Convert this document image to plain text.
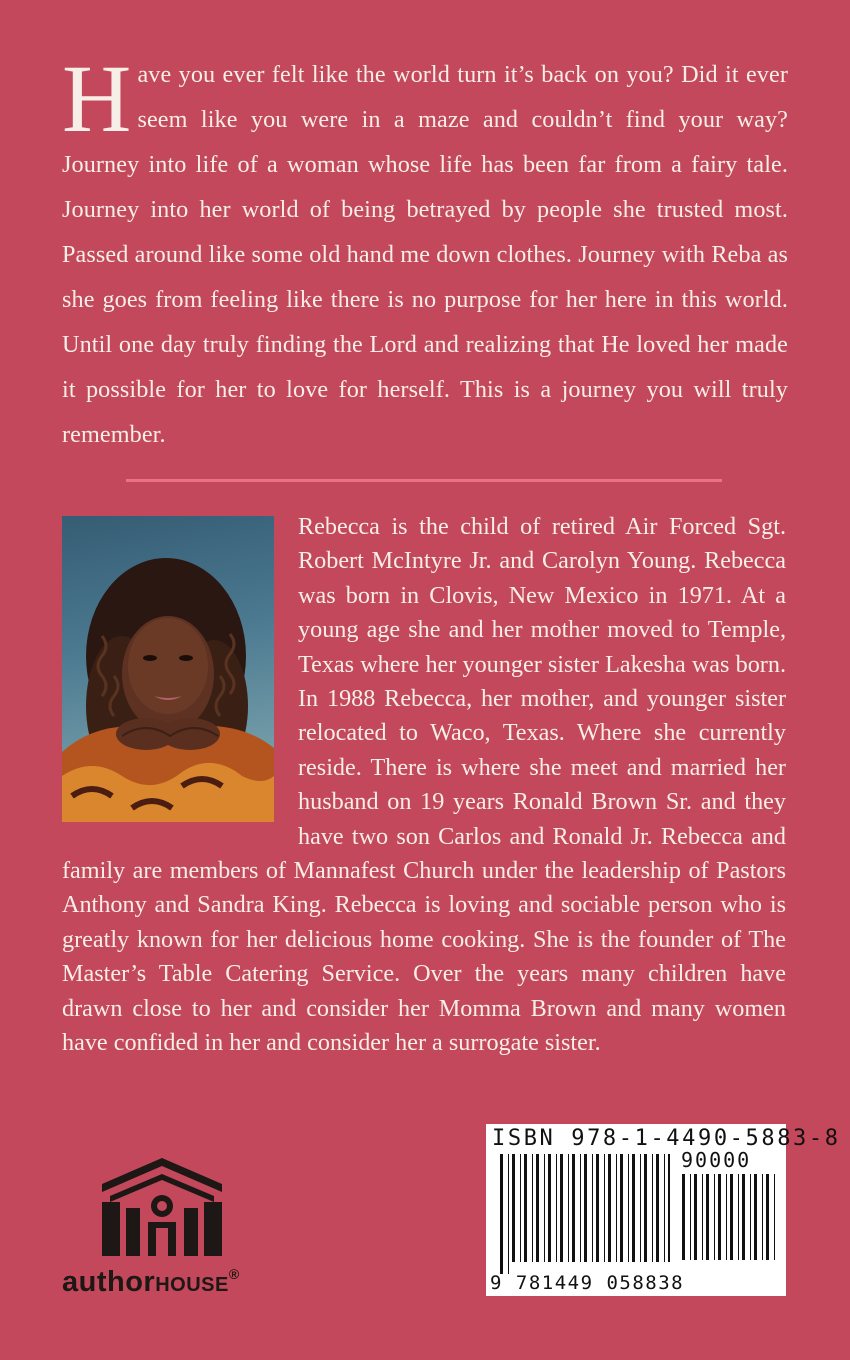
H ave you ever felt like the world turn it’s back on you? Did it ever seem like you were in a maze and couldn’t find your way? Journey into life of a woman whose life has been far from a fairy tale. Journey into her world of being betrayed by people she trusted most. Passed around like some old hand me down clothes. Journey with Reba as she goes from feeling like there is no purpose for her here in this world. Until one day truly finding the Lord and realizing that He loved her made it possible for her to love for herself. This is a journey you will truly remember.
Rebecca is the child of retired Air Forced Sgt. Robert McIntyre Jr. and Carolyn Young. Rebecca was born in Clovis, New Mexico in 1971. At a young age she and her mother moved to Temple, Texas where her younger sister Lakesha was born. In 1988 Rebecca, her mother, and younger sister relocated to Waco, Texas. Where she currently reside. There is where she meet and married her husband on 19 years Ronald Brown Sr. and they have two son Carlos and Ronald Jr. Rebecca and family are members of Mannafest Church under the leadership of Pastors Anthony and Sandra King. Rebecca is loving and sociable person who is greatly known for her delicious home cooking. She is the founder of The Master’s Table Catering Service. Over the years many children have drawn close to her and consider her Momma Brown and many women have confided in her and consider her a surrogate sister.
authorHOUSE®
ISBN 978-1-4490-5883-8
90000
9 781449 058838
